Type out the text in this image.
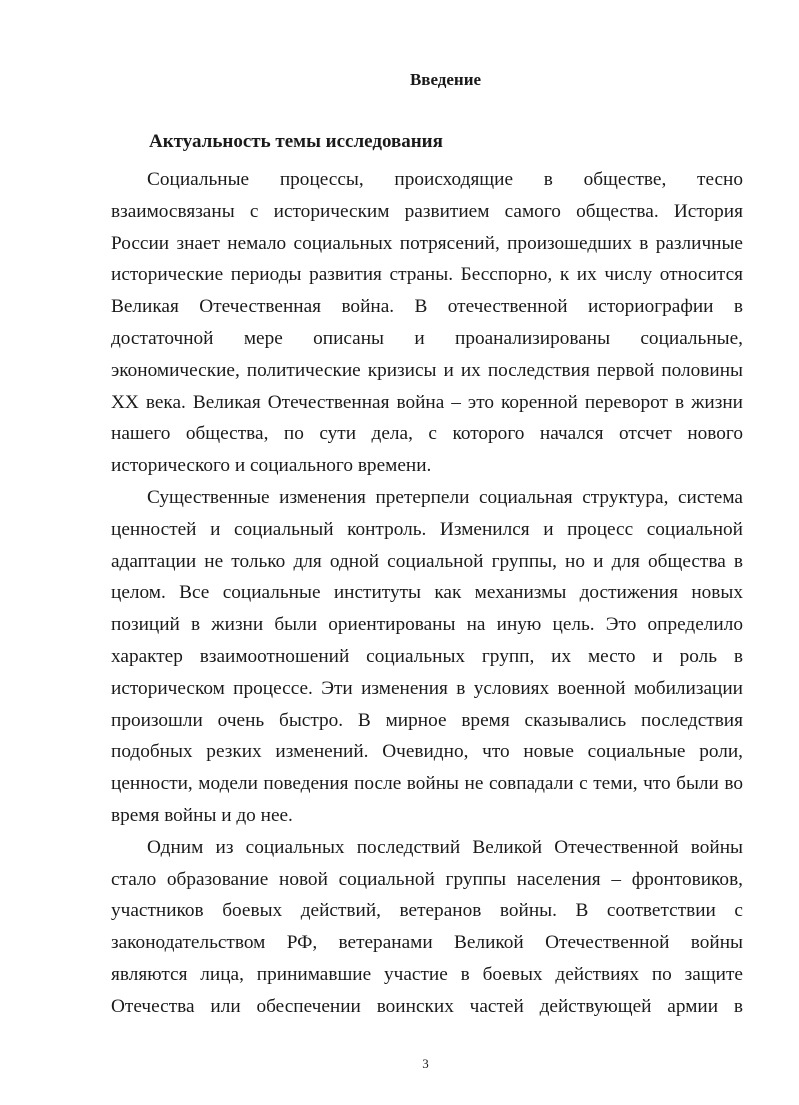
Введение
Актуальность темы исследования
Социальные процессы, происходящие в обществе, тесно
взаимосвязаны с историческим развитием самого общества. История
России знает немало социальных потрясений, произошедших в различные
исторические периоды развития страны. Бесспорно, к их числу относится
Великая Отечественная война. В отечественной историографии в
достаточной мере описаны и проанализированы социальные,
экономические, политические кризисы и их последствия первой половины
XX века. Великая Отечественная война – это коренной переворот в жизни
нашего общества, по сути дела, с которого начался отсчет нового
исторического и социального времени.
Существенные изменения претерпели социальная структура, система
ценностей и социальный контроль. Изменился и процесс социальной
адаптации не только для одной социальной группы, но и для общества в
целом. Все социальные институты как механизмы достижения новых
позиций в жизни были ориентированы на иную цель. Это определило
характер взаимоотношений социальных групп, их место и роль в
историческом процессе. Эти изменения в условиях военной мобилизации
произошли очень быстро. В мирное время сказывались последствия
подобных резких изменений. Очевидно, что новые социальные роли,
ценности, модели поведения после войны не совпадали с теми, что были во
время войны и до нее.
Одним из социальных последствий Великой Отечественной войны
стало образование новой социальной группы населения – фронтовиков,
участников боевых действий, ветеранов войны. В соответствии с
законодательством РФ, ветеранами Великой Отечественной войны
являются лица, принимавшие участие в боевых действиях по защите
Отечества или обеспечении воинских частей действующей армии в
3
